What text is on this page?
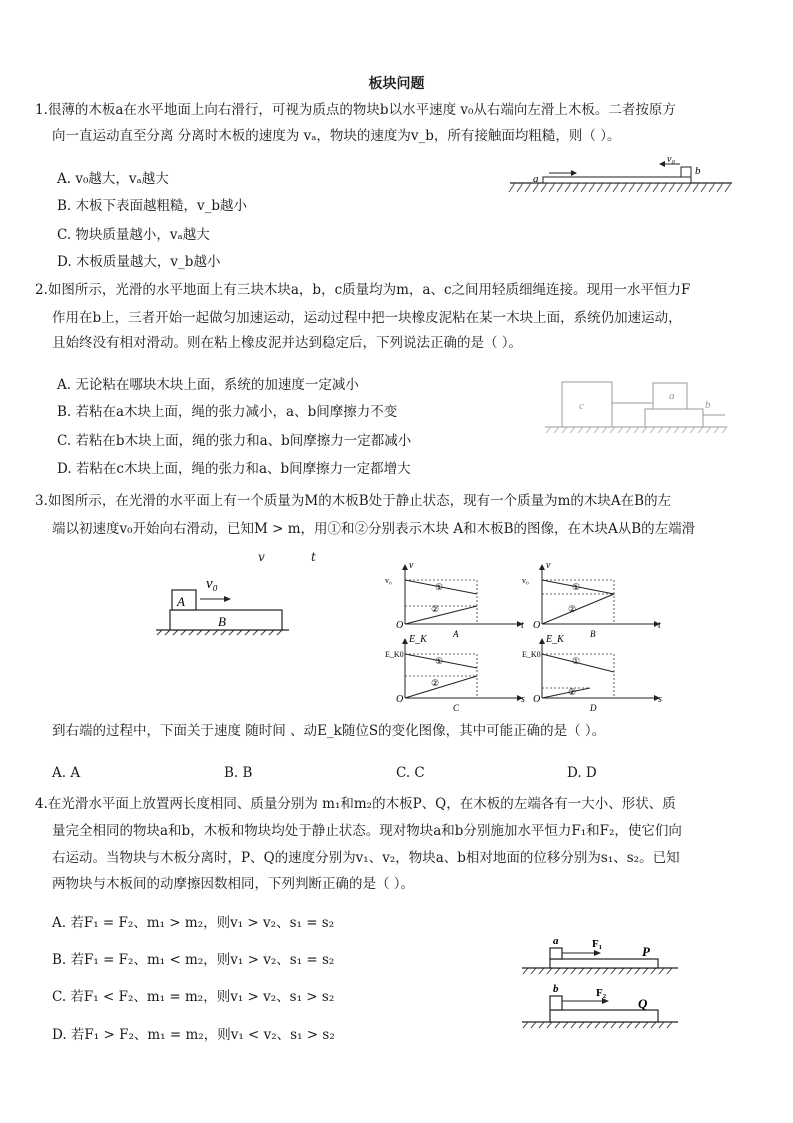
板块问题
1.很薄的木板a在水平地面上向右滑行，可视为质点的物块b以水平速度 v₀从右端向左滑上木板。二者按原方
向一直运动直至分离 分离时木板的速度为 vₐ，物块的速度为v_b，所有接触面均粗糙，则（ ）。
A. v₀越大，vₐ越大
B. 木板下表面越粗糙，v_b越小
C. 物块质量越小，vₐ越大
D. 木板质量越大，v_b越小
a
b
v₀
2.如图所示，光滑的水平地面上有三块木块a，b，c质量均为m，a、c之间用轻质细绳连接。现用一水平恒力F
作用在b上，三者开始一起做匀加速运动，运动过程中把一块橡皮泥粘在某一木块上面，系统仍加速运动，
且始终没有相对滑动。则在粘上橡皮泥并达到稳定后，下列说法正确的是（ ）。
A. 无论粘在哪块木块上面，系统的加速度一定减小
B. 若粘在a木块上面，绳的张力减小，a、b间摩擦力不变
C. 若粘在b木块上面，绳的张力和a、b间摩擦力一定都减小
D. 若粘在c木块上面，绳的张力和a、b间摩擦力一定都增大
c
a
b
3.如图所示，在光滑的水平面上有一个质量为M的木板B处于静止状态，现有一个质量为m的木块A在B的左
端以初速度v₀开始向右滑动，已知M > m，用①和②分别表示木块 A和木板B的图像，在木块A从B的左端滑
v	t
A
B
v₀	①
②
v
t
v₀
O
A
①
②
v
t
v₀
O
B
①
②
E_K
s
E_K0
O
C
①
②
E_K
s
E_K0
O
D
到右端的过程中，下面关于速度 随时间 、动E_k随位S的变化图像，其中可能正确的是（ ）。
A. A	B. B	C. C	D. D
4.在光滑水平面上放置两长度相同、质量分别为 m₁和m₂的木板P、Q，在木板的左端各有一大小、形状、质
量完全相同的物块a和b，木板和物块均处于静止状态。现对物块a和b分别施加水平恒力F₁和F₂，使它们向
右运动。当物块与木板分离时，P、Q的速度分别为v₁、v₂，物块a、b相对地面的位移分别为s₁、s₂。已知
两物块与木板间的动摩擦因数相同，下列判断正确的是（ ）。
A. 若F₁ = F₂、m₁ > m₂，则v₁ > v₂、s₁ = s₂
B. 若F₁ = F₂、m₁ < m₂，则v₁ > v₂、s₁ = s₂
C. 若F₁ < F₂、m₁ = m₂，则v₁ > v₂、s₁ > s₂
D. 若F₁ > F₂、m₁ = m₂，则v₁ < v₂、s₁ > s₂
a	F₁	P
b	F₂
Q
